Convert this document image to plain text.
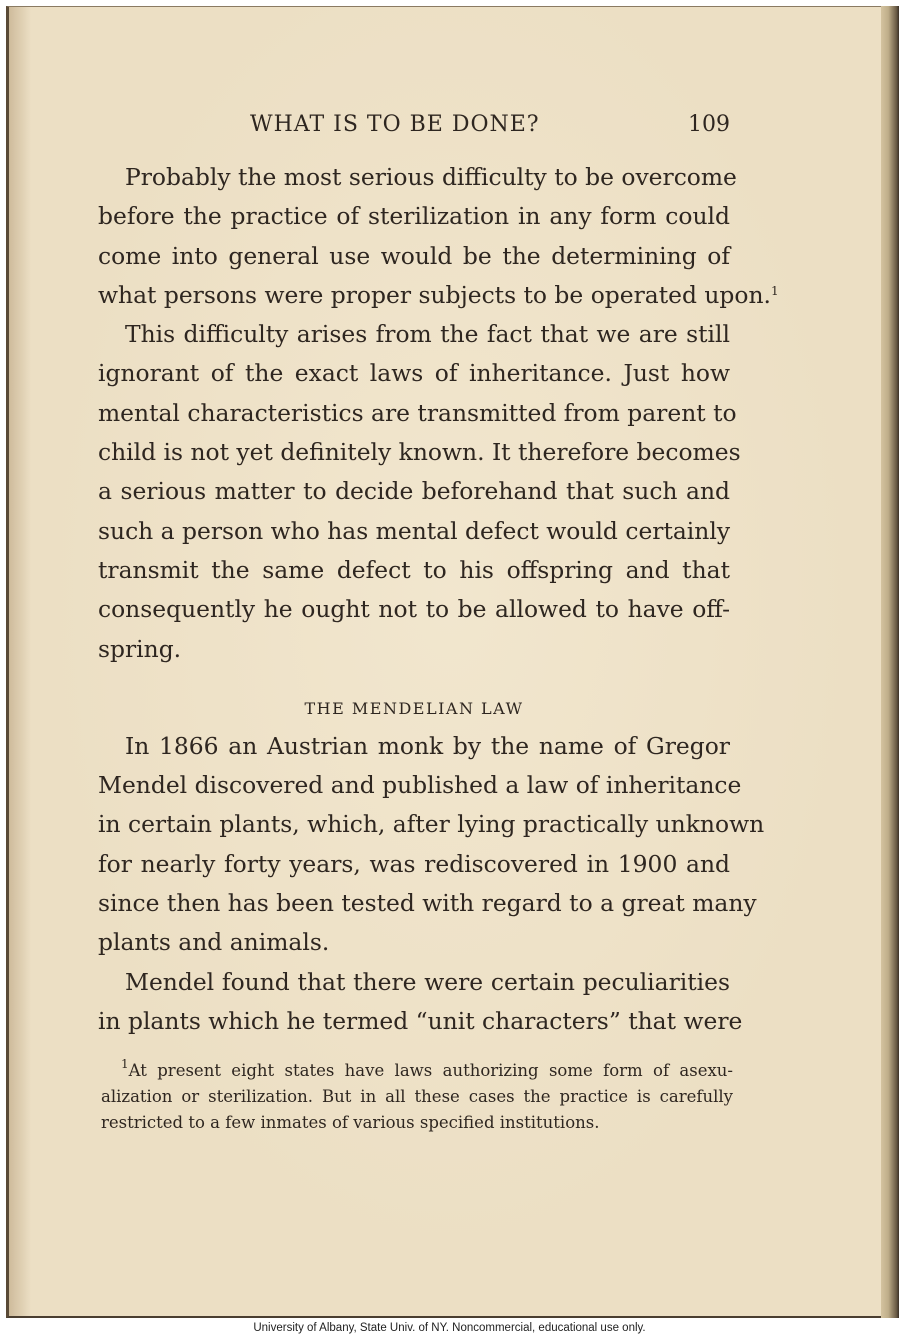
WHAT IS TO BE DONE?	109
Probably the most serious difficulty to be overcome
before the practice of sterilization in any form could
come into general use would be the determining of
what persons were proper subjects to be operated upon.$^1$
This difficulty arises from the fact that we are still
ignorant of the exact laws of inheritance. Just how
mental characteristics are transmitted from parent to
child is not yet definitely known. It therefore becomes
a serious matter to decide beforehand that such and
such a person who has mental defect would certainly
transmit the same defect to his offspring and that
consequently he ought not to be allowed to have off-
spring.
THE MENDELIAN LAW
In 1866 an Austrian monk by the name of Gregor
Mendel discovered and published a law of inheritance
in certain plants, which, after lying practically unknown
for nearly forty years, was rediscovered in 1900 and
since then has been tested with regard to a great many
plants and animals.
Mendel found that there were certain peculiarities
in plants which he termed “unit characters” that were
$^1$At present eight states have laws authorizing some form of asexu-
alization or sterilization. But in all these cases the practice is carefully
restricted to a few inmates of various specified institutions.
University of Albany, State Univ. of NY. Noncommercial, educational use only.
